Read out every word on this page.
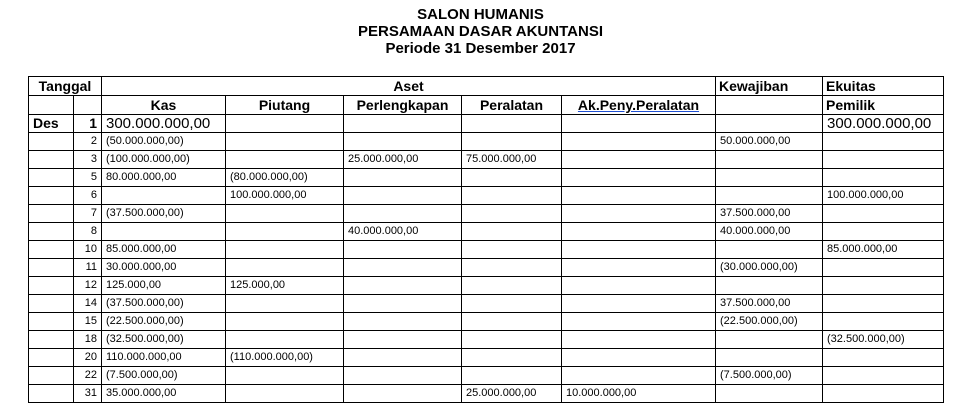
SALON HUMANIS
PERSAMAAN DASAR AKUNTANSI
Periode 31 Desember 2017
Tanggal		Aset					Kewajiban	Ekuitas
		Kas	Piutang	Perlengkapan	Peralatan	Ak.Peny.Peralatan		Pemilik
Des	1	300.000.000,00						300.000.000,00
	2	(50.000.000,00)					50.000.000,00	
	3	(100.000.000,00)		25.000.000,00	75.000.000,00			
	5	80.000.000,00	(80.000.000,00)					
	6		100.000.000,00					100.000.000,00
	7	(37.500.000,00)					37.500.000,00	
	8			40.000.000,00			40.000.000,00	
	10	85.000.000,00						85.000.000,00
	11	30.000.000,00					(30.000.000,00)	
	12	125.000,00	125.000,00					
	14	(37.500.000,00)					37.500.000,00	
	15	(22.500.000,00)					(22.500.000,00)	
	18	(32.500.000,00)						(32.500.000,00)
	20	110.000.000,00	(110.000.000,00)					
	22	(7.500.000,00)					(7.500.000,00)	
	31	35.000.000,00			25.000.000,00	10.000.000,00		
